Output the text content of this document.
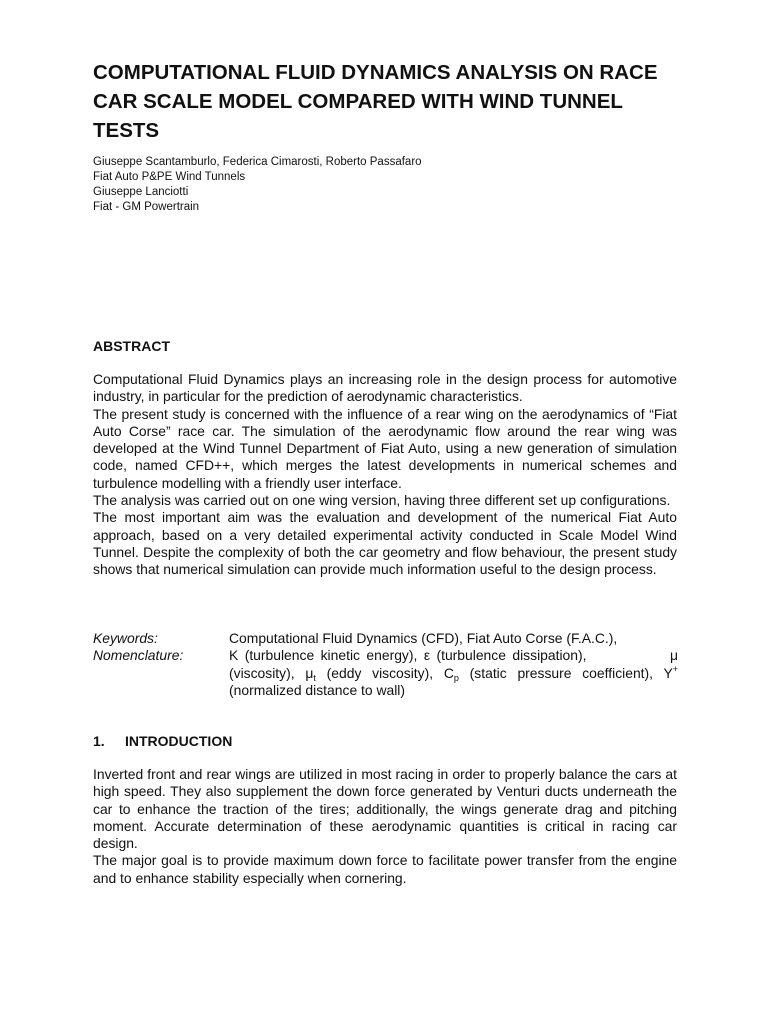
COMPUTATIONAL FLUID DYNAMICS ANALYSIS ON RACE CAR SCALE MODEL COMPARED WITH WIND TUNNEL TESTS
Giuseppe Scantamburlo, Federica Cimarosti, Roberto Passafaro
Fiat Auto P&PE Wind Tunnels
Giuseppe Lanciotti
Fiat - GM Powertrain
ABSTRACT

Computational Fluid Dynamics plays an increasing role in the design process for automotive industry, in particular for the prediction of aerodynamic characteristics.

The present study is concerned with the influence of a rear wing on the aerodynamics of “Fiat Auto Corse” race car. The simulation of the aerodynamic flow around the rear wing was developed at the Wind Tunnel Department of Fiat Auto, using a new generation of simulation code, named CFD++, which merges the latest developments in numerical schemes and turbulence modelling with a friendly user interface.

The analysis was carried out on one wing version, having three different set up configurations.

The most important aim was the evaluation and development of the numerical Fiat Auto approach, based on a very detailed experimental activity conducted in Scale Model Wind Tunnel. Despite the complexity of both the car geometry and flow behaviour, the present study shows that numerical simulation can provide much information useful to the design process.

Keywords:	Computational Fluid Dynamics (CFD), Fiat Auto Corse (F.A.C.),
Nomenclature:	K (turbulence kinetic energy), ε (turbulence dissipation),	μ (viscosity), $\mu_t$ (eddy viscosity), $C_p$ (static pressure coefficient), Y+ (normalized distance to wall)
1. INTRODUCTION

Inverted front and rear wings are utilized in most racing in order to properly balance the cars at high speed. They also supplement the down force generated by Venturi ducts underneath the car to enhance the traction of the tires; additionally, the wings generate drag and pitching moment. Accurate determination of these aerodynamic quantities is critical in racing car design.

The major goal is to provide maximum down force to facilitate power transfer from the engine and to enhance stability especially when cornering.
